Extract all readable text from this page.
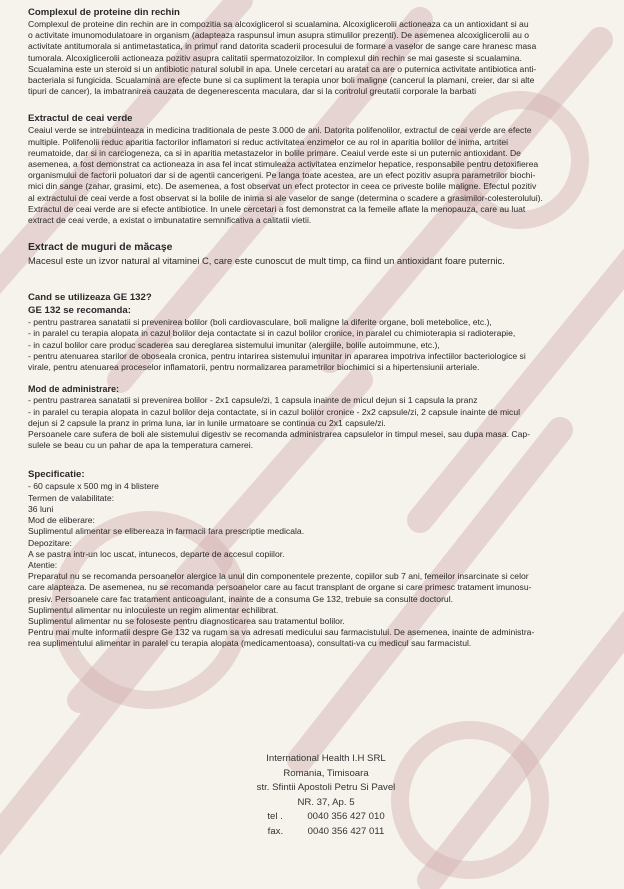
Complexul de proteine din rechin

Complexul de proteine din rechin are in compozitia sa alcoxiglicerol si scualamina. Alcoxiglicerolii actioneaza ca un antioxidant si au
o activitate imunomodulatoare in organism (adapteaza raspunsul imun asupra stimulilor prezenti). De asemenea alcoxiglicerolii au o
activitate antitumorala si antimetastatica, in primul rand datorita scaderii procesului de formare a vaselor de sange care hranesc masa
tumorala. Alcoxiglicerolii actioneaza pozitiv asupra calitatii spermatozoizilor. In complexul din rechin se mai gaseste si scualamina.
Scualamina este un steroid si un antibiotic natural solubil in apa. Unele cercetari au aratat ca are o puternica activitate antibiotica anti-
bacteriala si fungicida. Scualamina are efecte bune si ca supliment la terapia unor boli maligne (cancerul la plamani, creier, dar si alte
tipuri de cancer), la imbatranirea cauzata de degenerescenta maculara, dar si la controlul greutatii corporale la barbati

Extractul de ceai verde

Ceaiul verde se intrebuinteaza in medicina traditionala de peste 3.000 de ani. Datorita polifenolilor, extractul de ceai verde are efecte
multiple. Polifenolii reduc aparitia factorilor inflamatori si reduc activitatea enzimelor ce au rol in aparitia bolilor de inima, artritei
reumatoide, dar si in carciogeneza, ca si in aparitia metastazelor in bolile primare. Ceaiul verde este si un puternic antioxidant. De
asemenea, a fost demonstrat ca actioneaza in asa fel incat stimuleaza activitatea enzimelor hepatice, responsabile pentru detoxifierea
organismului de factorii poluatori dar si de agentii cancerigeni. Pe langa toate acestea, are un efect pozitiv asupra parametrilor biochi-
mici din sange (zahar, grasimi, etc). De asemenea, a fost observat un efect protector in ceea ce priveste bolile maligne. Efectul pozitiv
al extractului de ceai verde a fost observat si la bolile de inima si ale vaselor de sange (determina o scadere a grasimilor-colesterolului).
Extractul de ceai verde are si efecte antibiotice. In unele cercetari a fost demonstrat ca la femeile aflate la menopauza, care au luat
extract de ceai verde, a existat o imbunatatire semnificativa a calitatii vietii.

Extract de muguri de măcaşe

Macesul este un izvor natural al vitaminei C, care este cunoscut de mult timp, ca fiind un antioxidant foare puternic.

Cand se utilizeaza GE 132?
GE 132 se recomanda:

- pentru pastrarea sanatatii si prevenirea bolilor (boli cardiovasculare, boli maligne la diferite organe, boli metebolice, etc.),
- in paralel cu terapia alopata in cazul bolilor deja contactate si in cazul bolilor cronice, in paralel cu chimioterapia si radioterapie,
- in cazul bolilor care produc scaderea sau dereglarea sistemului imunitar (alergiile, bolile autoimmune, etc.),
- pentru atenuarea starilor de oboseala cronica, pentru intarirea sistemului imunitar in apararea impotriva infectiilor bacteriologice si
virale, pentru atenuarea proceselor inflamatorii, pentru normalizarea parametrilor biochimici si a hipertensiunii arteriale.

Mod de administrare:

- pentru pastrarea sanatatii si prevenirea bolilor - 2x1 capsule/zi, 1 capsula inainte de micul dejun si 1 capsula la pranz
- in paralel cu terapia alopata in cazul bolilor deja contactate, si in cazul bolilor cronice - 2x2 capsule/zi, 2 capsule inainte de micul
dejun si 2 capsule la pranz in prima luna, iar in lunile urmatoare se continua cu 2x1 capsule/zi.
Persoanele care sufera de boli ale sistemului digestiv se recomanda administrarea capsulelor in timpul mesei, sau dupa masa. Cap-
sulele se beau cu un pahar de apa la temperatura camerei.

Specificatie:

- 60 capsule x 500 mg in 4 blistere
Termen de valabilitate:
36 luni
Mod de eliberare:
Suplimentul alimentar se elibereaza in farmacii fara prescriptie medicala.
Depozitare:
A se pastra intr-un loc uscat, intunecos, departe de accesul copiilor.
Atentie:
Preparatul nu se recomanda persoanelor alergice la unul din componentele prezente, copiilor sub 7 ani, femeilor insarcinate si celor
care alapteaza. De asemenea, nu se recomanda persoanelor care au facut transplant de organe si care primesc tratament imunosu-
presiv. Persoanele care fac tratament anticoagulant, inainte de a consuma Ge 132, trebuie sa consulte doctorul.
Suplimentul alimentar nu inlocuieste un regim alimentar echilibrat.
Suplimentul alimentar nu se foloseste pentru diagnosticarea sau tratamentul bolilor.
Pentru mai multe informatii despre Ge 132 va rugam sa va adresati medicului sau farmacistului. De asemenea, inainte de administra-
rea suplimentului alimentar in paralel cu terapia alopata (medicamentoasa), consultati-va cu medicul sau farmacistul.

International Health I.H SRL
Romania, Timisoara
str. Sfintii Apostoli Petru Si Pavel
NR. 37, Ap. 5
tel .	0040 356 427 010
fax.	0040 356 427 011
